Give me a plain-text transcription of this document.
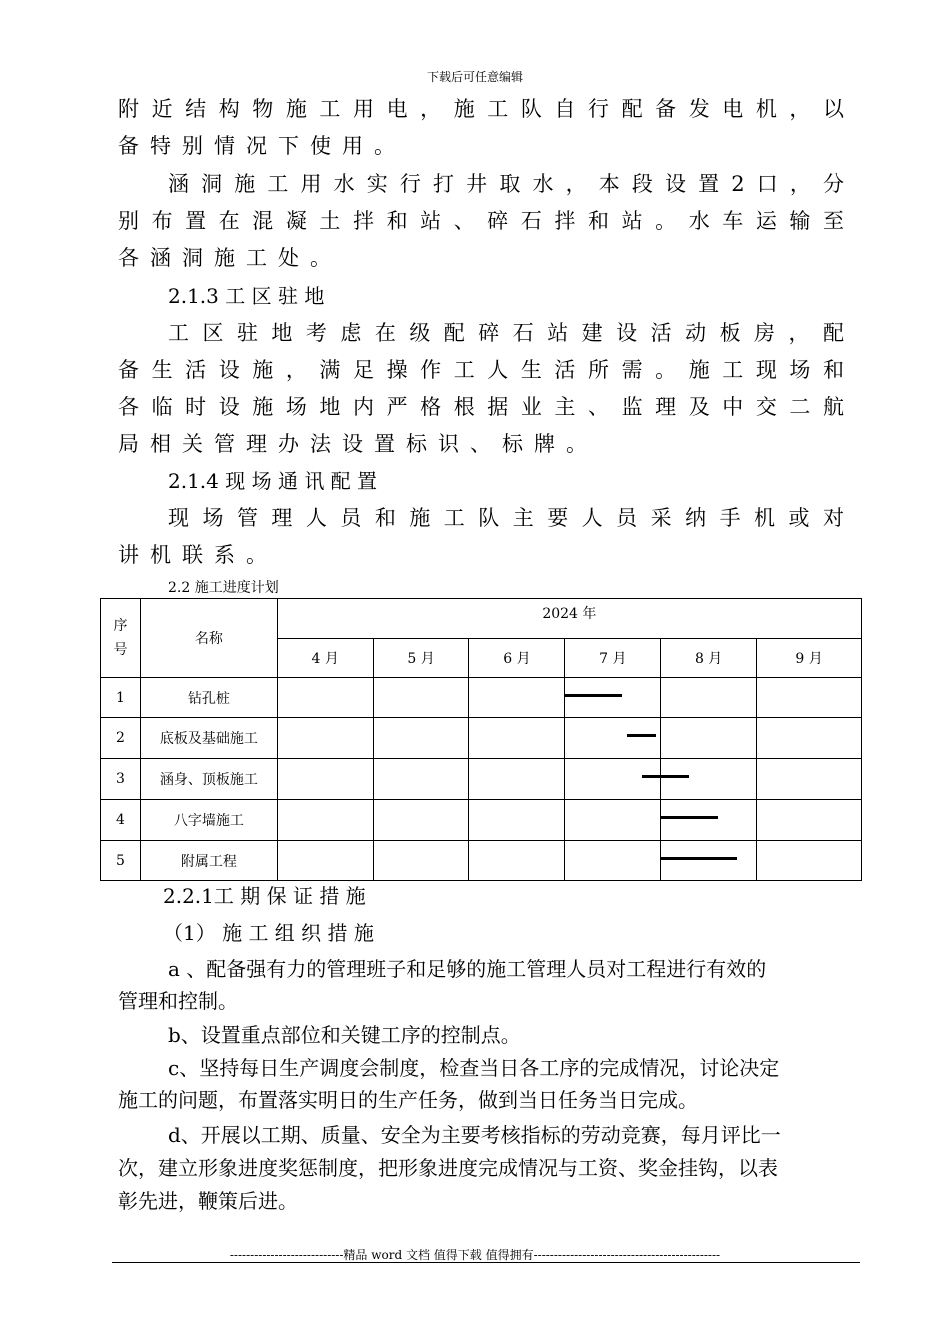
下载后可任意编辑
附近结构物施工用电，施工队自行配备发电机，以
备特别情况下使用。
涵洞施工用水实行打井取水，本段设置2口，分
别布置在混凝土拌和站、碎石拌和站。水车运输至
各涵洞施工处。
2.1.3 工 区 驻 地
工区驻地考虑在级配碎石站建设活动板房，配
备生活设施，满足操作工人生活所需。施工现场和
各临时设施场地内严格根据业主、监理及中交二航
局相关管理办法设置标识、标牌。
2.1.4 现 场 通 讯 配 置
现场管理人员和施工队主要人员采纳手机或对
讲机联系。
2.2 施工进度计划
序号	名称	2024 年					
		4 月	5 月	6 月	7 月	8 月	9 月
1	钻孔桩						
2	底板及基础施工						
3	涵身、顶板施工						
4	八字墙施工						
5	附属工程						
2.2.1工 期 保 证 措 施
（1） 施 工 组 织 措 施
a 、配备强有力的管理班子和足够的施工管理人员对工程进行有效的
管理和控制。
b、设置重点部位和关键工序的控制点。
c、坚持每日生产调度会制度，检查当日各工序的完成情况，讨论决定
施工的问题，布置落实明日的生产任务，做到当日任务当日完成。
d、开展以工期、质量、安全为主要考核指标的劳动竞赛，每月评比一
次，建立形象进度奖惩制度，把形象进度完成情况与工资、奖金挂钩，以表
彰先进，鞭策后进。
----------------------------精品 word 文档 值得下载 值得拥有----------------------------------------------
